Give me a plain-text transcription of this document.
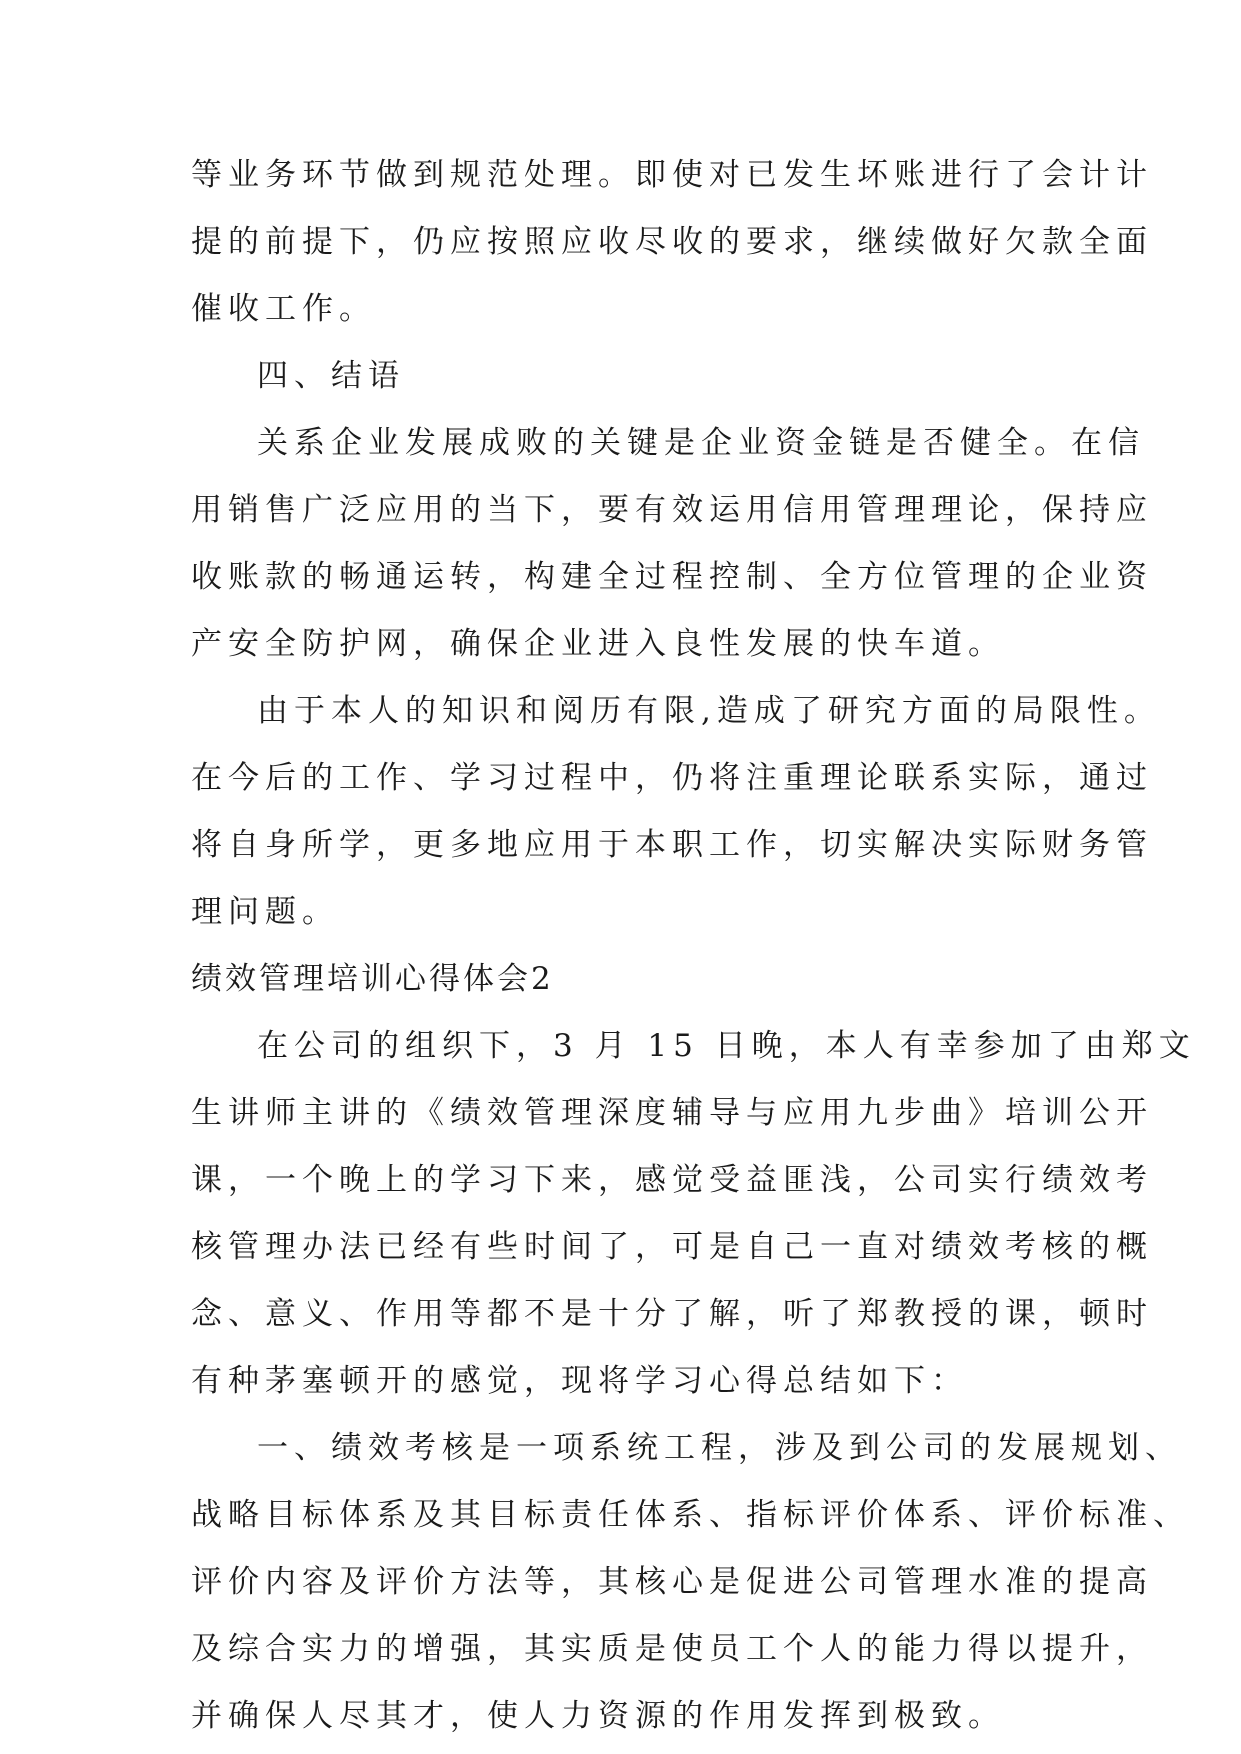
等业务环节做到规范处理。即使对已发生坏账进行了会计计
提的前提下，仍应按照应收尽收的要求，继续做好欠款全面
催收工作。
四、结语
关系企业发展成败的关键是企业资金链是否健全。在信
用销售广泛应用的当下，要有效运用信用管理理论，保持应
收账款的畅通运转，构建全过程控制、全方位管理的企业资
产安全防护网，确保企业进入良性发展的快车道。
由于本人的知识和阅历有限,造成了研究方面的局限性。
在今后的工作、学习过程中，仍将注重理论联系实际，通过
将自身所学，更多地应用于本职工作，切实解决实际财务管
理问题。
绩效管理培训心得体会2
在公司的组织下，3 月 15 日晚，本人有幸参加了由郑文
生讲师主讲的《绩效管理深度辅导与应用九步曲》培训公开
课，一个晚上的学习下来，感觉受益匪浅，公司实行绩效考
核管理办法已经有些时间了，可是自己一直对绩效考核的概
念、意义、作用等都不是十分了解，听了郑教授的课，顿时
有种茅塞顿开的感觉，现将学习心得总结如下：
一、绩效考核是一项系统工程，涉及到公司的发展规划、
战略目标体系及其目标责任体系、指标评价体系、评价标准、
评价内容及评价方法等，其核心是促进公司管理水准的提高
及综合实力的增强，其实质是使员工个人的能力得以提升，
并确保人尽其才，使人力资源的作用发挥到极致。
